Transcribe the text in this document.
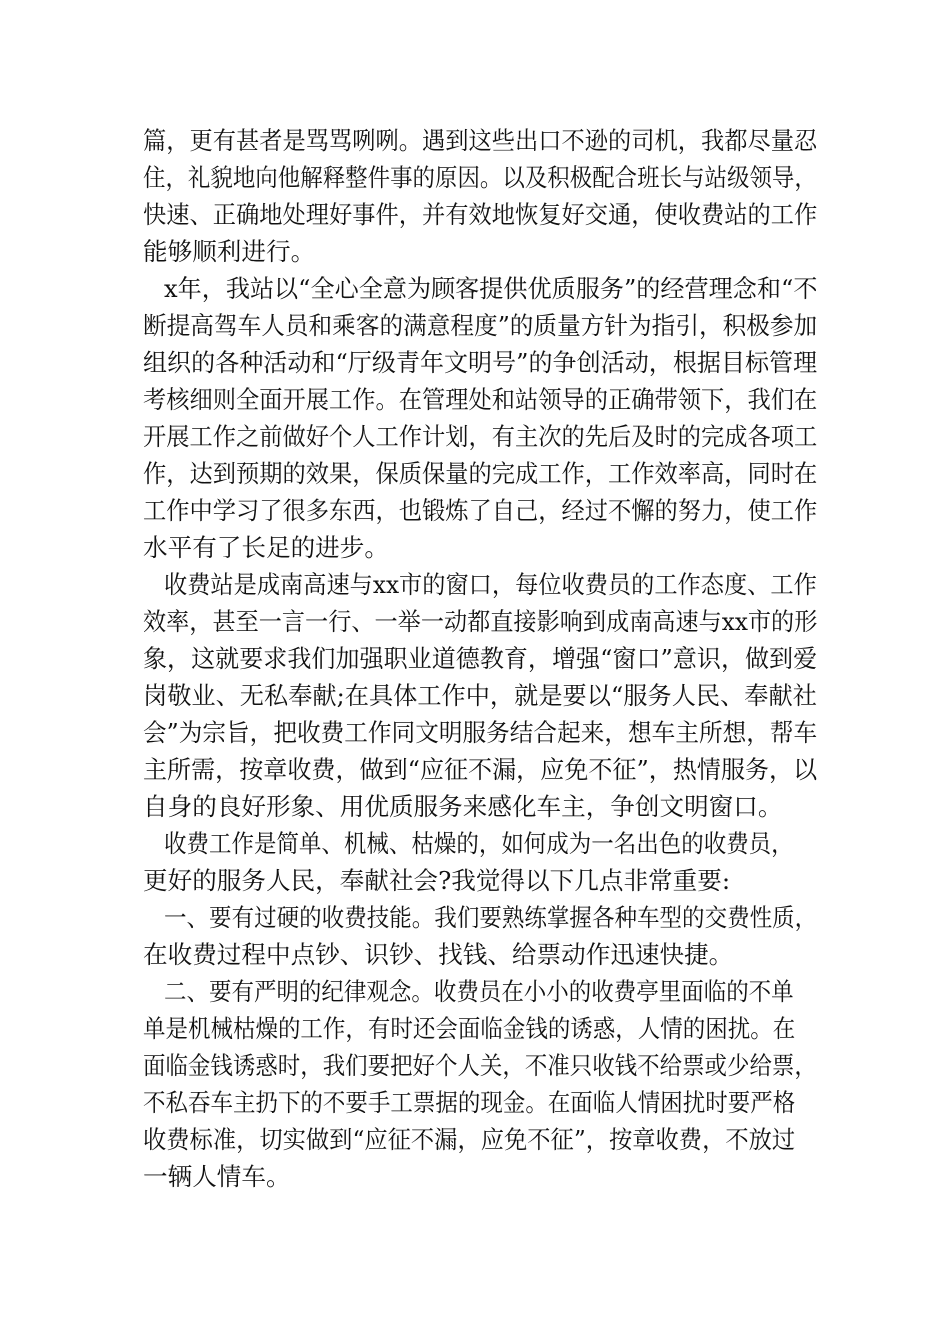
篇，更有甚者是骂骂咧咧。遇到这些出口不逊的司机，我都尽量忍
住，礼貌地向他解释整件事的原因。以及积极配合班长与站级领导，
快速、正确地处理好事件，并有效地恢复好交通，使收费站的工作
能够顺利进行。
x年，我站以“全心全意为顾客提供优质服务”的经营理念和“不
断提高驾车人员和乘客的满意程度”的质量方针为指引，积极参加
组织的各种活动和“厅级青年文明号”的争创活动，根据目标管理
考核细则全面开展工作。在管理处和站领导的正确带领下，我们在
开展工作之前做好个人工作计划，有主次的先后及时的完成各项工
作，达到预期的效果，保质保量的完成工作，工作效率高，同时在
工作中学习了很多东西，也锻炼了自己，经过不懈的努力，使工作
水平有了长足的进步。
收费站是成南高速与xx市的窗口，每位收费员的工作态度、工作
效率，甚至一言一行、一举一动都直接影响到成南高速与xx市的形
象，这就要求我们加强职业道德教育，增强“窗口”意识，做到爱
岗敬业、无私奉献;在具体工作中，就是要以“服务人民、奉献社
会”为宗旨，把收费工作同文明服务结合起来，想车主所想，帮车
主所需，按章收费，做到“应征不漏，应免不征”，热情服务，以
自身的良好形象、用优质服务来感化车主，争创文明窗口。
收费工作是简单、机械、枯燥的，如何成为一名出色的收费员，
更好的服务人民，奉献社会?我觉得以下几点非常重要:
一、要有过硬的收费技能。我们要熟练掌握各种车型的交费性质，
在收费过程中点钞、识钞、找钱、给票动作迅速快捷。
二、要有严明的纪律观念。收费员在小小的收费亭里面临的不单
单是机械枯燥的工作，有时还会面临金钱的诱惑，人情的困扰。在
面临金钱诱惑时，我们要把好个人关，不准只收钱不给票或少给票，
不私吞车主扔下的不要手工票据的现金。在面临人情困扰时要严格
收费标准，切实做到“应征不漏，应免不征”，按章收费，不放过
一辆人情车。
